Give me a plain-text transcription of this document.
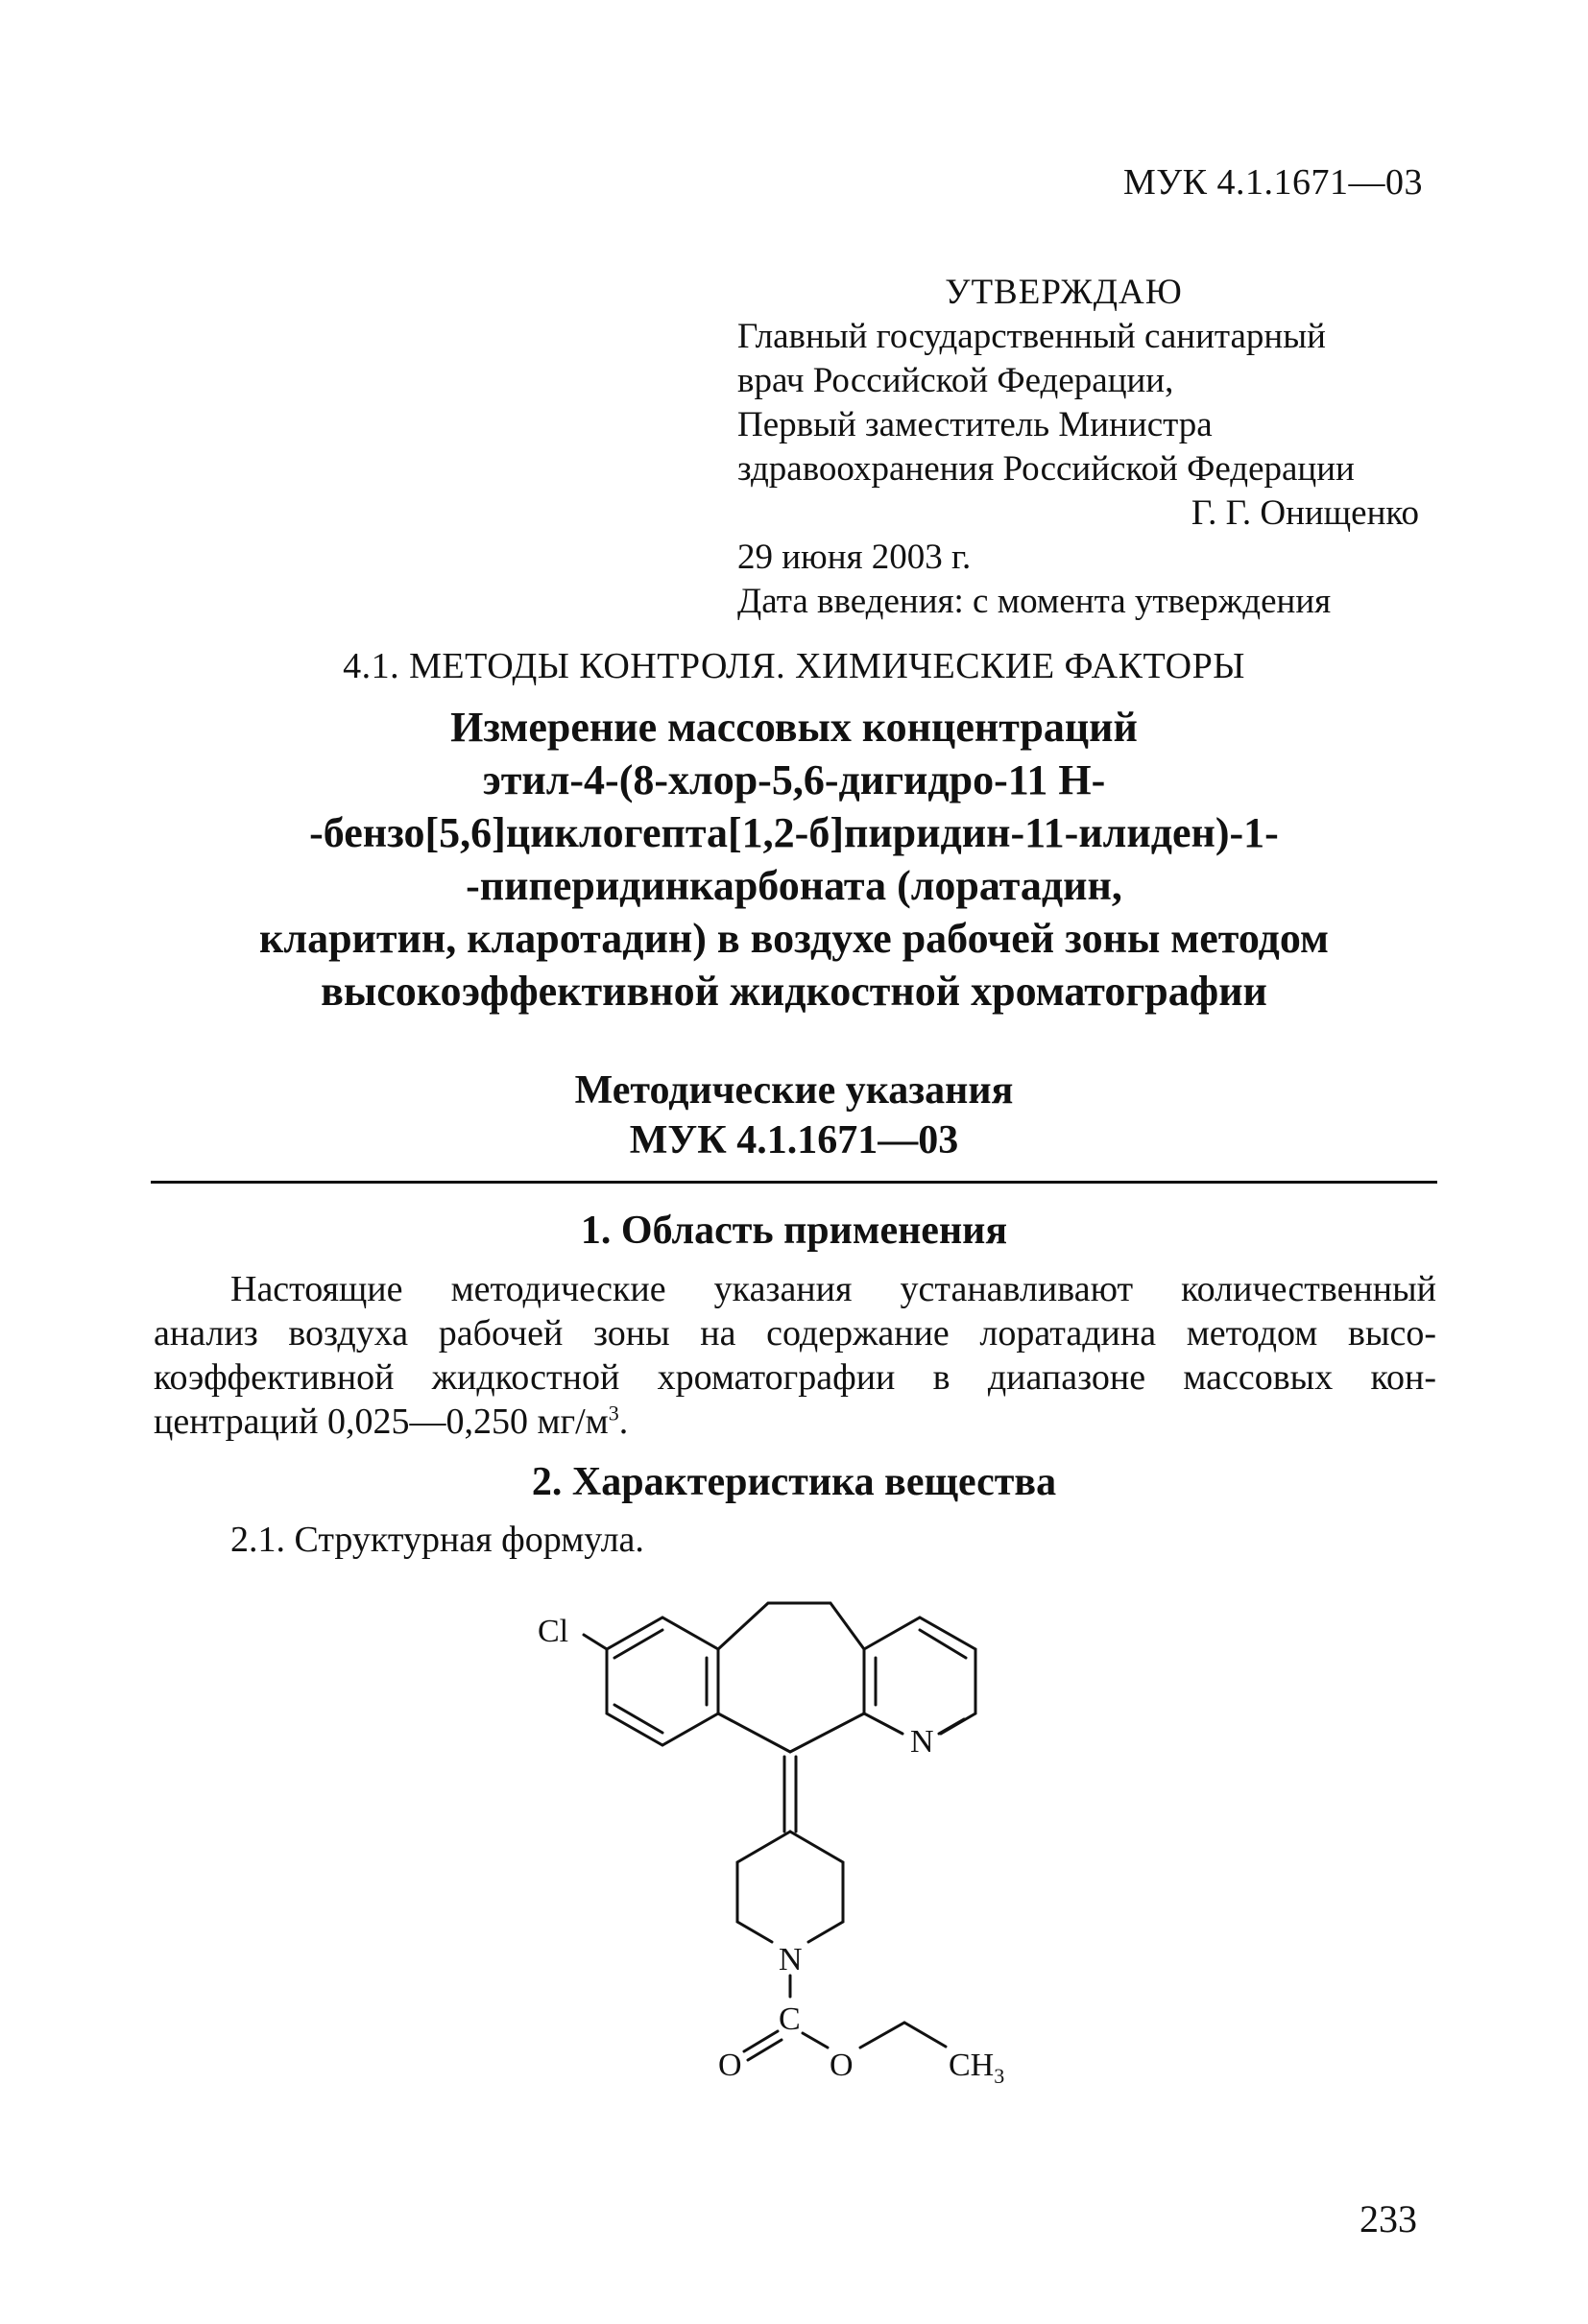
МУК 4.1.1671—03
УТВЕРЖДАЮ
Главный государственный санитарный
врач Российской Федерации,
Первый заместитель Министра
здравоохранения Российской Федерации
Г. Г. Онищенко
29 июня 2003 г.
Дата введения: с момента утверждения
4.1. МЕТОДЫ КОНТРОЛЯ. ХИМИЧЕСКИЕ ФАКТОРЫ
Измерение массовых концентраций
этил-4-(8-хлор-5,6-дигидро-11 Н-
-бензо[5,6]циклогепта[1,2-б]пиридин-11-илиден)-1-
-пиперидинкарбоната (лоратадин,
кларитин, кларотадин) в воздухе рабочей зоны методом
высокоэффективной жидкостной хроматографии
Методические указания
МУК 4.1.1671—03
1. Область применения
Настоящие методические указания устанавливают количественный
анализ воздуха рабочей зоны на содержание лоратадина методом высо-
коэффективной жидкостной хроматографии в диапазоне массовых кон-
центраций 0,025—0,250 $мг/м^3$.
2. Характеристика вещества
2.1. Структурная формула.
Cl
N
N
C
O	O	$CH_3$
233
